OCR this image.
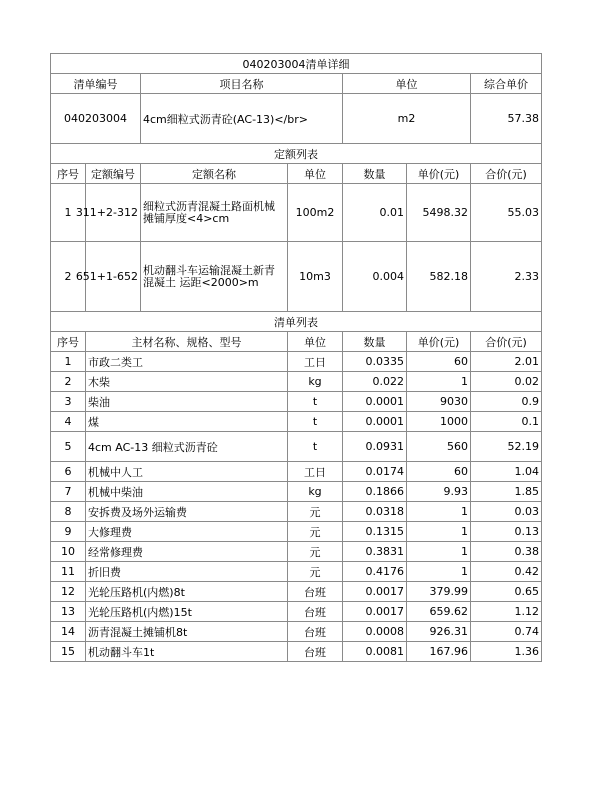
040203004清单详细						
清单编号		项目名称		单位		综合单价
040203004		4cm细粒式沥青砼(AC-13)</br>		m2		57.38
定额列表						
序号	定额编号	定额名称	单位	数量	单价(元)	合价(元)
1	311+2-312	细粒式沥青混凝土路面机械摊铺厚度<4>cm	100m2	0.01	5498.32	55.03
2	651+1-652	机动翻斗车运输混凝土新青混凝土 运距<2000>m	10m3	0.004	582.18	2.33
清单列表						
序号	主材名称、规格、型号		单位	数量	单价(元)	合价(元)
1	市政二类工		工日	0.0335	60	2.01
2	木柴		kg	0.022	1	0.02
3	柴油		t	0.0001	9030	0.9
4	煤		t	0.0001	1000	0.1
5	4cm AC-13 细粒式沥青砼		t	0.0931	560	52.19
6	机械中人工		工日	0.0174	60	1.04
7	机械中柴油		kg	0.1866	9.93	1.85
8	安拆费及场外运输费		元	0.0318	1	0.03
9	大修理费		元	0.1315	1	0.13
10	经常修理费		元	0.3831	1	0.38
11	折旧费		元	0.4176	1	0.42
12	光轮压路机(内燃)8t		台班	0.0017	379.99	0.65
13	光轮压路机(内燃)15t		台班	0.0017	659.62	1.12
14	沥青混凝土摊铺机8t		台班	0.0008	926.31	0.74
15	机动翻斗车1t		台班	0.0081	167.96	1.36
